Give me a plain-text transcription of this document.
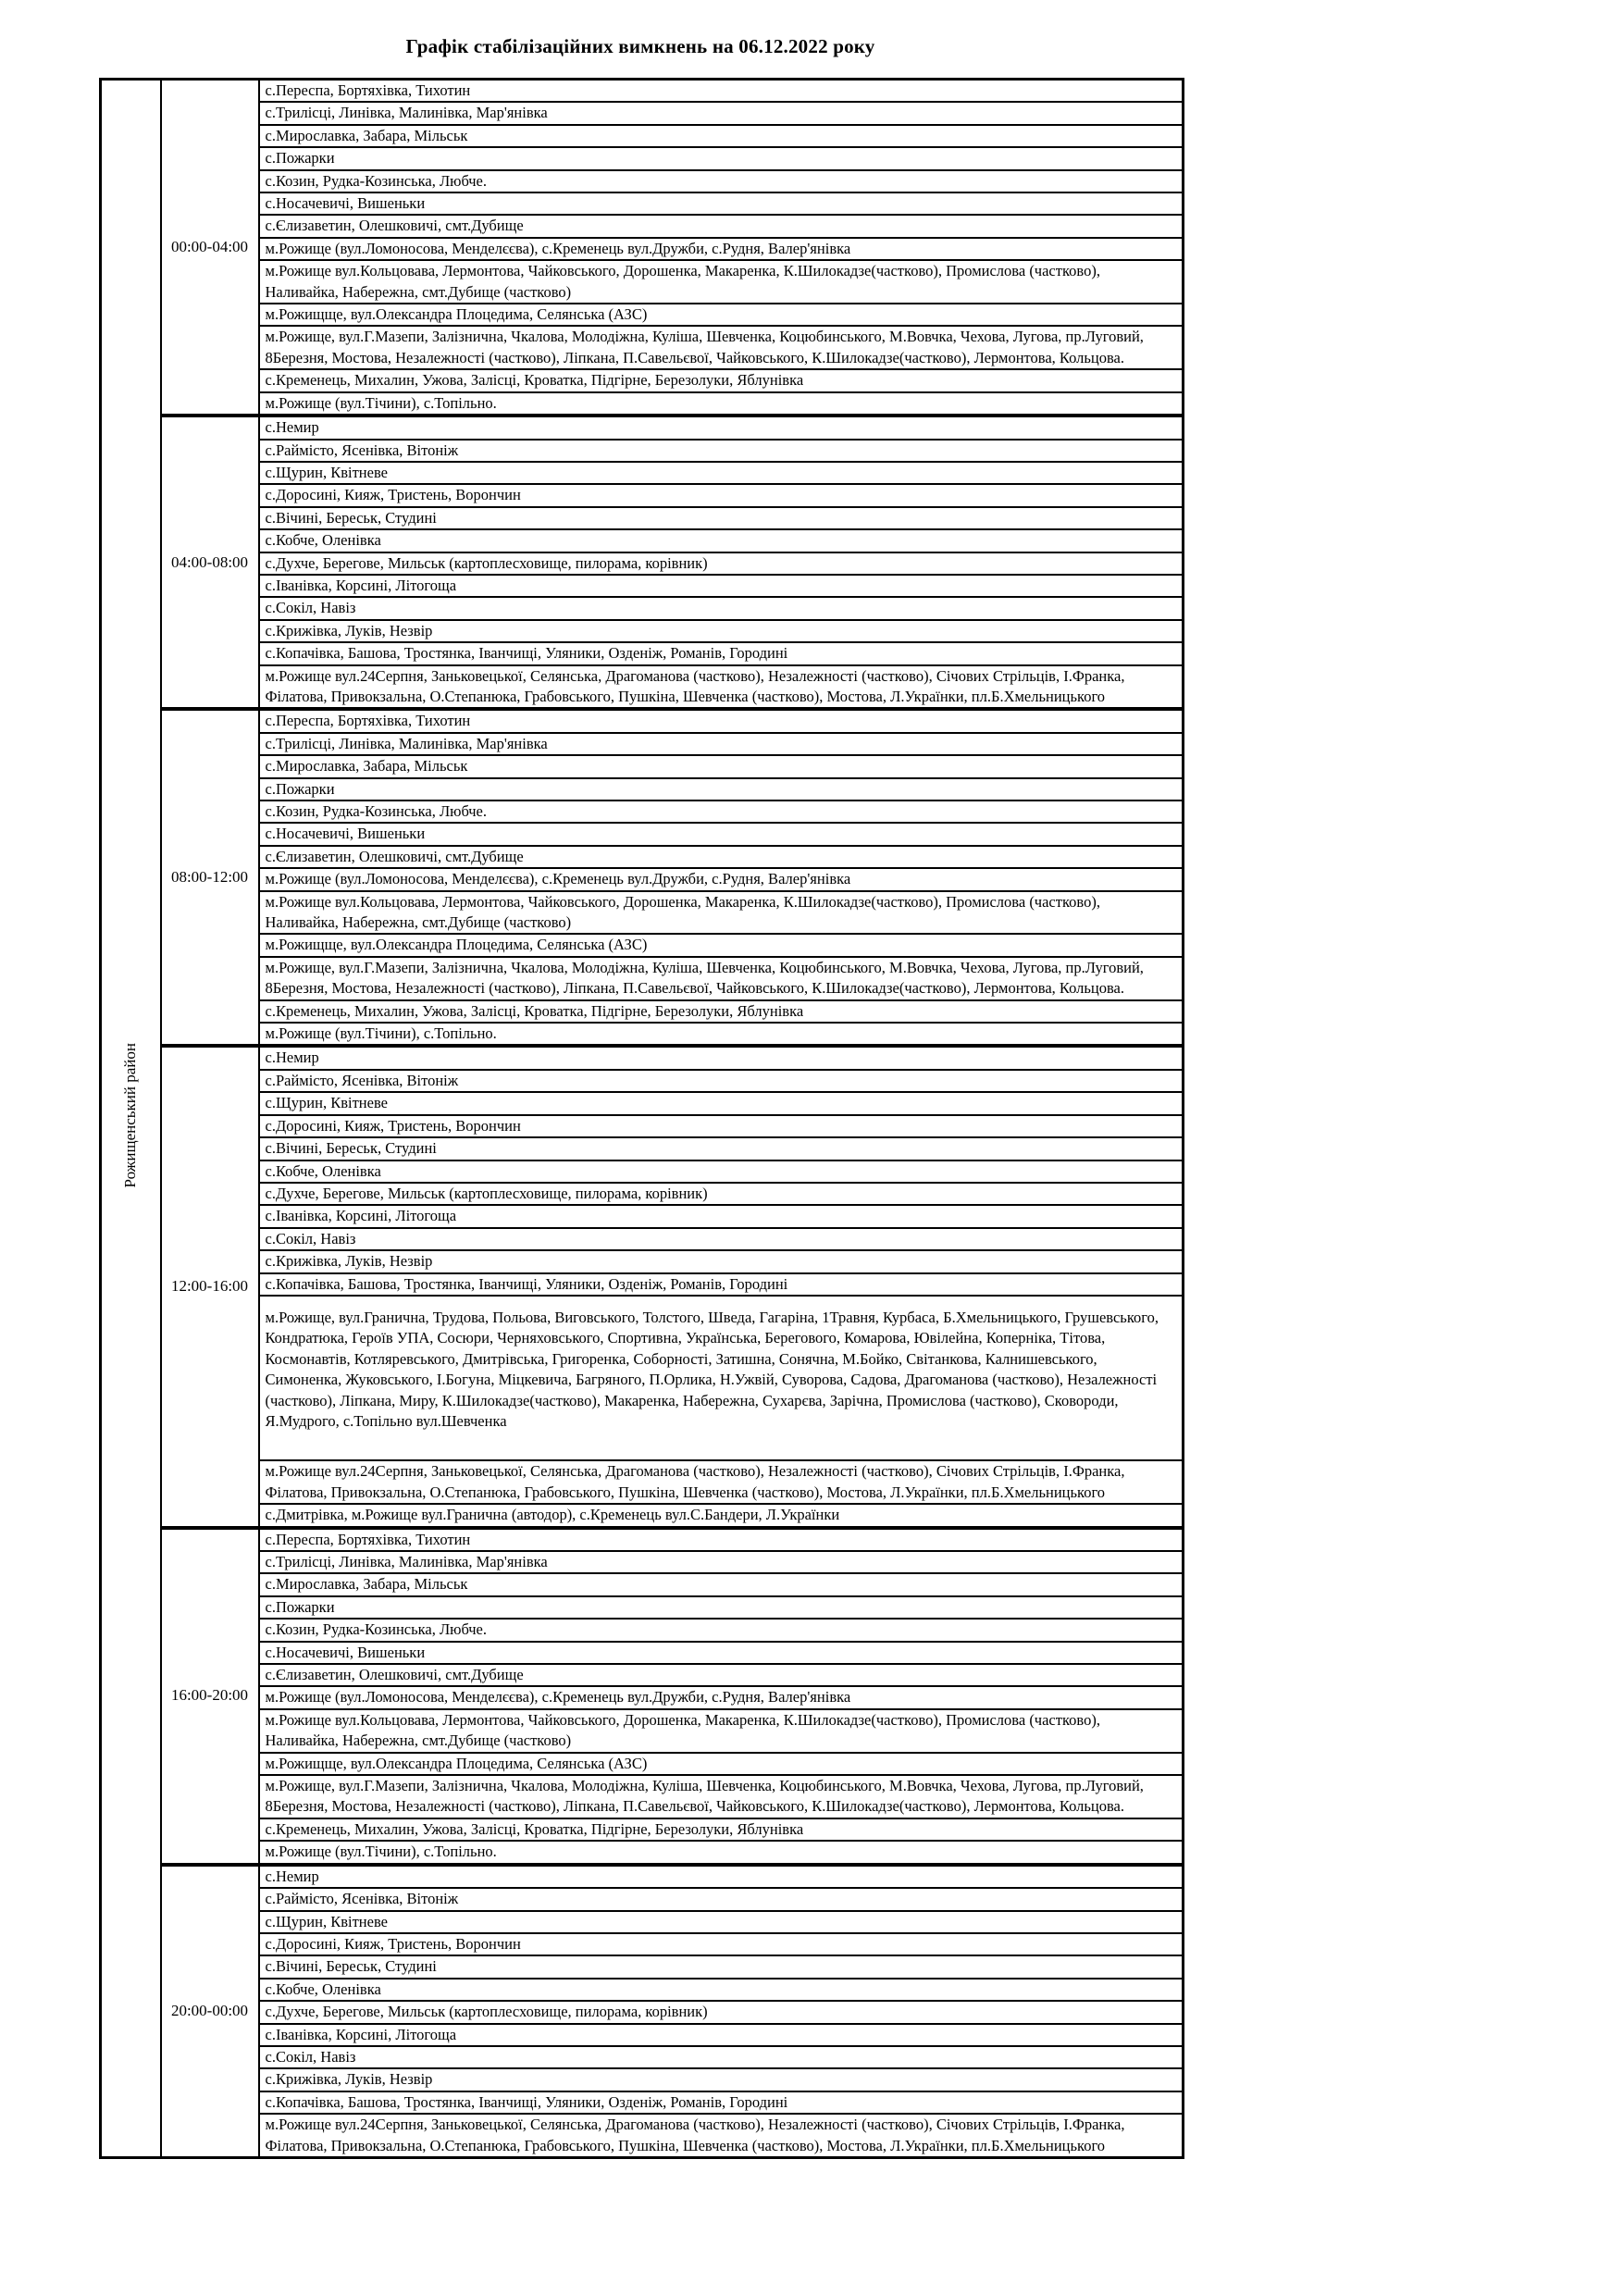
Графік стабілізаційних вимкнень на 06.12.2022 року
Рожищенський район	00:00-04:00	с.Переспа, Бортяхівка, Тихотин
		с.Трилісці, Линівка, Малинівка, Мар'янівка
		с.Мирославка, Забара, Мільськ
		с.Пожарки
		с.Козин, Рудка-Козинська, Любче.
		с.Носачевичі, Вишеньки
		с.Єлизаветин, Олешковичі, смт.Дубище
		м.Рожище (вул.Ломоносова, Менделєєва), с.Кременець вул.Дружби, с.Рудня, Валер'янівка
		м.Рожище вул.Кольцовава, Лермонтова, Чайковського, Дорошенка, Макаренка, К.Шилокадзе(частково), Промислова (частково), Наливайка, Набережна, смт.Дубище (частково)
		м.Рожищще, вул.Олександра Плоцедима, Селянська (АЗС)
		м.Рожище, вул.Г.Мазепи, Залізнична, Чкалова, Молодіжна, Куліша, Шевченка, Коцюбинського, М.Вовчка, Чехова, Лугова, пр.Луговий, 8Березня, Мостова, Незалежності (частково), Ліпкана, П.Савельєвої, Чайковського, К.Шилокадзе(частково), Лермонтова, Кольцова.
		с.Кременець, Михалин, Ужова, Залісці, Кроватка, Підгірне, Березолуки, Яблунівка
		м.Рожище (вул.Тічини), с.Топільно.
	04:00-08:00	с.Немир
		с.Раймісто, Ясенівка, Вітоніж
		с.Щурин, Квітневе
		с.Доросині, Кияж, Тристень, Ворончин
		с.Вічині, Береськ, Студині
		с.Кобче, Оленівка
		с.Духче, Берегове, Мильськ (картоплесховище, пилорама, корівник)
		с.Іванівка, Корсині, Літогоща
		с.Сокіл, Навіз
		с.Крижівка, Луків, Незвір
		с.Копачівка, Башова, Тростянка, Іванчищі, Уляники, Озденіж, Романів, Городині
		м.Рожище вул.24Серпня, Заньковецької, Селянська, Драгоманова (частково), Незалежності (частково), Січових Стрільців, І.Франка, Філатова, Привокзальна, О.Степанюка, Грабовського, Пушкіна, Шевченка (частково), Мостова, Л.Українки, пл.Б.Хмельницького
	08:00-12:00	с.Переспа, Бортяхівка, Тихотин
		с.Трилісці, Линівка, Малинівка, Мар'янівка
		с.Мирославка, Забара, Мільськ
		с.Пожарки
		с.Козин, Рудка-Козинська, Любче.
		с.Носачевичі, Вишеньки
		с.Єлизаветин, Олешковичі, смт.Дубище
		м.Рожище (вул.Ломоносова, Менделєєва), с.Кременець вул.Дружби, с.Рудня, Валер'янівка
		м.Рожище вул.Кольцовава, Лермонтова, Чайковського, Дорошенка, Макаренка, К.Шилокадзе(частково), Промислова (частково), Наливайка, Набережна, смт.Дубище (частково)
		м.Рожищще, вул.Олександра Плоцедима, Селянська (АЗС)
		м.Рожище, вул.Г.Мазепи, Залізнична, Чкалова, Молодіжна, Куліша, Шевченка, Коцюбинського, М.Вовчка, Чехова, Лугова, пр.Луговий, 8Березня, Мостова, Незалежності (частково), Ліпкана, П.Савельєвої, Чайковського, К.Шилокадзе(частково), Лермонтова, Кольцова.
		с.Кременець, Михалин, Ужова, Залісці, Кроватка, Підгірне, Березолуки, Яблунівка
		м.Рожище (вул.Тічини), с.Топільно.
	12:00-16:00	с.Немир
		с.Раймісто, Ясенівка, Вітоніж
		с.Щурин, Квітневе
		с.Доросині, Кияж, Тристень, Ворончин
		с.Вічині, Береськ, Студині
		с.Кобче, Оленівка
		с.Духче, Берегове, Мильськ (картоплесховище, пилорама, корівник)
		с.Іванівка, Корсині, Літогоща
		с.Сокіл, Навіз
		с.Крижівка, Луків, Незвір
		с.Копачівка, Башова, Тростянка, Іванчищі, Уляники, Озденіж, Романів, Городині
		м.Рожище, вул.Гранична, Трудова, Польова, Виговського, Толстого, Шведа, Гагаріна, 1Травня, Курбаса, Б.Хмельницького, Грушевського, Кондратюка, Героїв УПА, Сосюри, Черняховського, Спортивна, Українська, Берегового, Комарова, Ювілейна, Коперніка, Тітова, Космонавтів, Котляревського, Дмитрівська, Григоренка, Соборності, Затишна, Сонячна, М.Бойко, Світанкова, Калнишевського, Симоненка, Жуковського, І.Богуна, Міцкевича, Багряного, П.Орлика, Н.Ужвій, Суворова, Садова, Драгоманова (частково), Незалежності (частково), Ліпкана, Миру, К.Шилокадзе(частково), Макаренка, Набережна, Сухарєва, Зарічна, Промислова (частково), Сковороди, Я.Мудрого, с.Топільно вул.Шевченка
		м.Рожище вул.24Серпня, Заньковецької, Селянська, Драгоманова (частково), Незалежності (частково), Січових Стрільців, І.Франка, Філатова, Привокзальна, О.Степанюка, Грабовського, Пушкіна, Шевченка (частково), Мостова, Л.Українки, пл.Б.Хмельницького
		с.Дмитрівка, м.Рожище вул.Гранична (автодор), с.Кременець вул.С.Бандери, Л.Українки
	16:00-20:00	с.Переспа, Бортяхівка, Тихотин
		с.Трилісці, Линівка, Малинівка, Мар'янівка
		с.Мирославка, Забара, Мільськ
		с.Пожарки
		с.Козин, Рудка-Козинська, Любче.
		с.Носачевичі, Вишеньки
		с.Єлизаветин, Олешковичі, смт.Дубище
		м.Рожище (вул.Ломоносова, Менделєєва), с.Кременець вул.Дружби, с.Рудня, Валер'янівка
		м.Рожище вул.Кольцовава, Лермонтова, Чайковського, Дорошенка, Макаренка, К.Шилокадзе(частково), Промислова (частково), Наливайка, Набережна, смт.Дубище (частково)
		м.Рожищще, вул.Олександра Плоцедима, Селянська (АЗС)
		м.Рожище, вул.Г.Мазепи, Залізнична, Чкалова, Молодіжна, Куліша, Шевченка, Коцюбинського, М.Вовчка, Чехова, Лугова, пр.Луговий, 8Березня, Мостова, Незалежності (частково), Ліпкана, П.Савельєвої, Чайковського, К.Шилокадзе(частково), Лермонтова, Кольцова.
		с.Кременець, Михалин, Ужова, Залісці, Кроватка, Підгірне, Березолуки, Яблунівка
		м.Рожище (вул.Тічини), с.Топільно.
	20:00-00:00	с.Немир
		с.Раймісто, Ясенівка, Вітоніж
		с.Щурин, Квітневе
		с.Доросині, Кияж, Тристень, Ворончин
		с.Вічині, Береськ, Студині
		с.Кобче, Оленівка
		с.Духче, Берегове, Мильськ (картоплесховище, пилорама, корівник)
		с.Іванівка, Корсині, Літогоща
		с.Сокіл, Навіз
		с.Крижівка, Луків, Незвір
		с.Копачівка, Башова, Тростянка, Іванчищі, Уляники, Озденіж, Романів, Городині
		м.Рожище вул.24Серпня, Заньковецької, Селянська, Драгоманова (частково), Незалежності (частково), Січових Стрільців, І.Франка, Філатова, Привокзальна, О.Степанюка, Грабовського, Пушкіна, Шевченка (частково), Мостова, Л.Українки, пл.Б.Хмельницького
